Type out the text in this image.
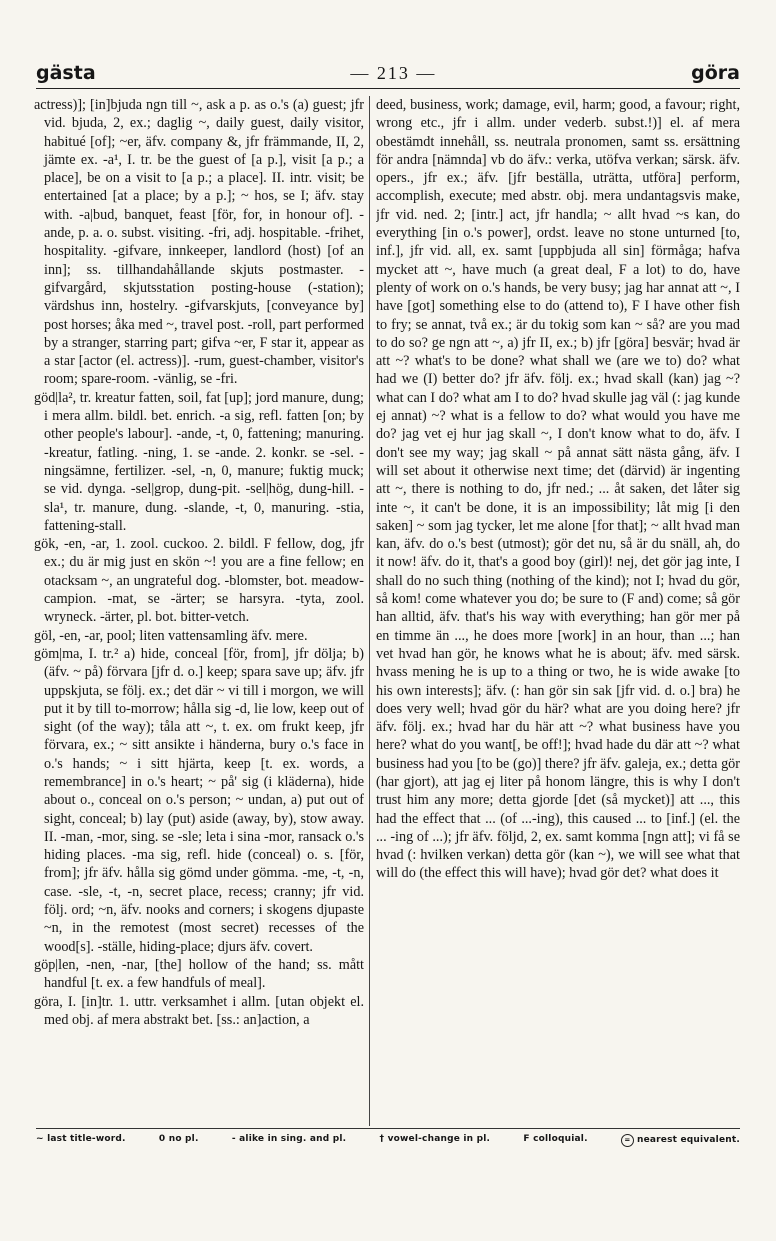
gästa	— 213 —	göra

actress)]; [in]bjuda ngn till ~, ask a p. as o.'s (a) guest; jfr vid. bjuda, 2, ex.; daglig ~, daily guest, daily visitor, habitué [of]; ~er, äfv. company &, jfr främmande, II, 2, jämte ex. -a¹, I. tr. be the guest of [a p.], visit [a p.; a place], be on a visit to [a p.; a place]. II. intr. visit; be entertained [at a place; by a p.]; ~ hos, se I; äfv. stay with. -a|bud, banquet, feast [för, for, in honour of]. -ande, p. a. o. subst. visiting. -fri, adj. hospitable. -frihet, hospitality. -gifvare, innkeeper, landlord (host) [of an inn]; ss. tillhandahållande skjuts postmaster. -gifvargård, skjutsstation posting-house (-station); värdshus inn, hostelry. -gifvarskjuts, [conveyance by] post horses; åka med ~, travel post. -roll, part performed by a stranger, starring part; gifva ~er, F star it, appear as a star [actor (el. actress)]. -rum, guest-chamber, visitor's room; spare-room. -vänlig, se -fri.

göd|la², tr. kreatur fatten, soil, fat [up]; jord manure, dung; i mera allm. bildl. bet. enrich. -a sig, refl. fatten [on; by other people's labour]. -ande, -t, 0, fattening; manuring. -kreatur, fatling. -ning, 1. se -ande. 2. konkr. se -sel. -ningsämne, fertilizer. -sel, -n, 0, manure; fuktig muck; se vid. dynga. -sel|grop, dung-pit. -sel|hög, dung-hill. -sla¹, tr. manure, dung. -slande, -t, 0, manuring. -stia, fattening-stall.

gök, -en, -ar, 1. zool. cuckoo. 2. bildl. F fellow, dog, jfr ex.; du är mig just en skön ~! you are a fine fellow; en otacksam ~, an ungrateful dog. -blomster, bot. meadow-campion. -mat, se -ärter; se harsyra. -tyta, zool. wryneck. -ärter, pl. bot. bitter-vetch.

göl, -en, -ar, pool; liten vattensamling äfv. mere.

göm|ma, I. tr.² a) hide, conceal [för, from], jfr dölja; b) (äfv. ~ på) förvara [jfr d. o.] keep; spara save up; äfv. jfr uppskjuta, se följ. ex.; det där ~ vi till i morgon, we will put it by till to-morrow; hålla sig -d, lie low, keep out of sight (of the way); tåla att ~, t. ex. om frukt keep, jfr förvara, ex.; ~ sitt ansikte i händerna, bury o.'s face in o.'s hands; ~ i sitt hjärta, keep [t. ex. words, a remembrance] in o.'s heart; ~ på' sig (i kläderna), hide about o., conceal on o.'s person; ~ undan, a) put out of sight, conceal; b) lay (put) aside (away, by), stow away. II. -man, -mor, sing. se -sle; leta i sina -mor, ransack o.'s hiding places. -ma sig, refl. hide (conceal) o. s. [för, from]; jfr äfv. hålla sig gömd under gömma. -me, -t, -n, case. -sle, -t, -n, secret place, recess; cranny; jfr vid. följ. ord; ~n, äfv. nooks and corners; i skogens djupaste ~n, in the remotest (most secret) recesses of the wood[s]. -ställe, hiding-place; djurs äfv. covert.

göp|len, -nen, -nar, [the] hollow of the hand; ss. mått handful [t. ex. a few handfuls of meal].

göra, I. [in]tr. 1. uttr. verksamhet i allm. [utan objekt el. med obj. af mera abstrakt bet. [ss.: an]action, a

deed, business, work; damage, evil, harm; good, a favour; right, wrong etc., jfr i allm. under vederb. subst.!)] el. af mera obestämdt innehåll, ss. neutrala pronomen, samt ss. ersättning för andra [nämnda] vb do äfv.: verka, utöfva verkan; särsk. äfv. opers., jfr ex.; äfv. [jfr beställa, uträtta, utföra] perform, accomplish, execute; med abstr. obj. mera undantagsvis make, jfr vid. ned. 2; [intr.] act, jfr handla; ~ allt hvad ~s kan, do everything [in o.'s power], ordst. leave no stone unturned [to, inf.], jfr vid. all, ex. samt [uppbjuda all sin] förmåga; hafva mycket att ~, have much (a great deal, F a lot) to do, have plenty of work on o.'s hands, be very busy; jag har annat att ~, I have [got] something else to do (attend to), F I have other fish to fry; se annat, två ex.; är du tokig som kan ~ så? are you mad to do so? ge ngn att ~, a) jfr II, ex.; b) jfr [göra] besvär; hvad är att ~? what's to be done? what shall we (are we to) do? what had we (I) better do? jfr äfv. följ. ex.; hvad skall (kan) jag ~? what can I do? what am I to do? hvad skulle jag väl (: jag kunde ej annat) ~? what is a fellow to do? what would you have me do? jag vet ej hur jag skall ~, I don't know what to do, äfv. I don't see my way; jag skall ~ på annat sätt nästa gång, äfv. I will set about it otherwise next time; det (därvid) är ingenting att ~, there is nothing to do, jfr ned.; ... åt saken, det låter sig inte ~, it can't be done, it is an impossibility; låt mig [i den saken] ~ som jag tycker, let me alone [for that]; ~ allt hvad man kan, äfv. do o.'s best (utmost); gör det nu, så är du snäll, ah, do it now! äfv. do it, that's a good boy (girl)! nej, det gör jag inte, I shall do no such thing (nothing of the kind); not I; hvad du gör, så kom! come whatever you do; be sure to (F and) come; så gör han alltid, äfv. that's his way with everything; han gör mer på en timme än ..., he does more [work] in an hour, than ...; han vet hvad han gör, he knows what he is about; äfv. med särsk. hvass mening he is up to a thing or two, he is wide awake [to his own interests]; äfv. (: han gör sin sak [jfr vid. d. o.] bra) he does very well; hvad gör du här? what are you doing here? jfr äfv. följ. ex.; hvad har du här att ~? what business have you here? what do you want[, be off!]; hvad hade du där att ~? what business had you [to be (go)] there? jfr äfv. galeja, ex.; detta gör (har gjort), att jag ej liter på honom längre, this is why I don't trust him any more; detta gjorde [det (så mycket)] att ..., this had the effect that ... (of ...-ing), this caused ... to [inf.] (el. the ... -ing of ...); jfr äfv. följd, 2, ex. samt komma [ngn att]; vi få se hvad (: hvilken verkan) detta gör (kan ~), we will see what that will do (the effect this will have); hvad gör det? what does it

~ last title-word.	0 no pl.	- alike in sing. and pl.	† vowel-change in pl.	F colloquial.	= nearest equivalent.
